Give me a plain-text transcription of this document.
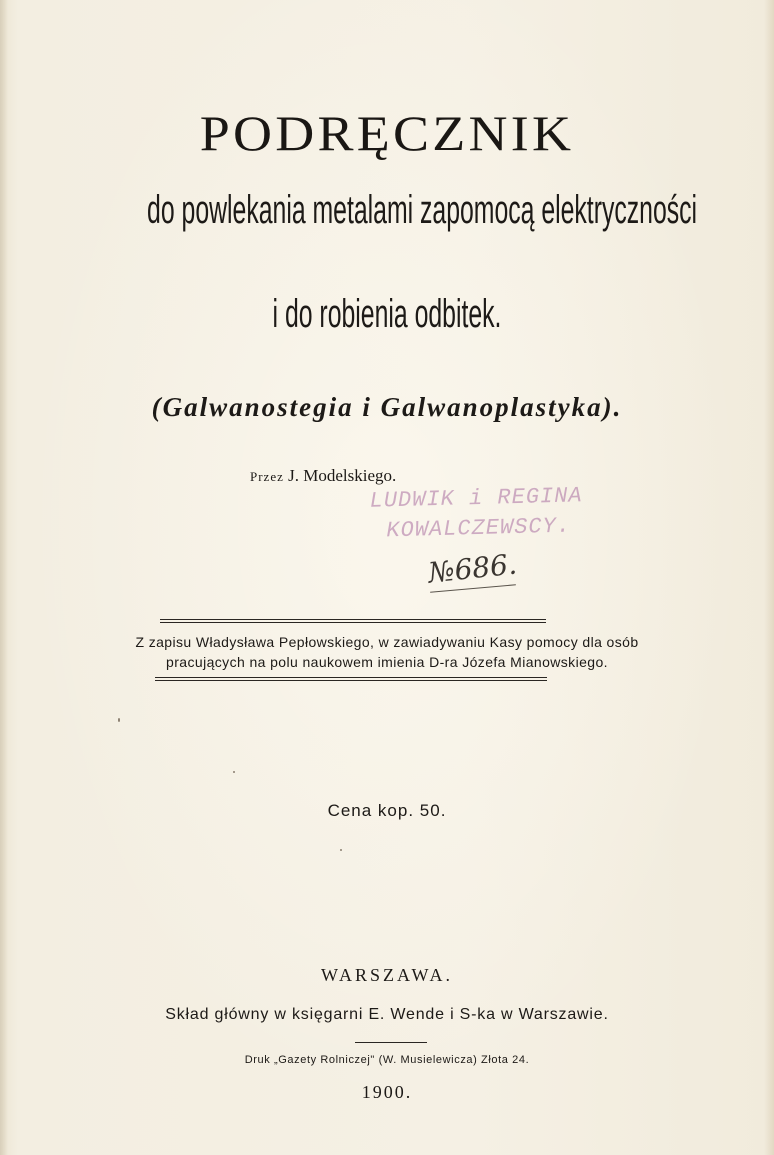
PODRĘCZNIK
do powlekania metalami zapomocą elektryczności
i do robienia odbitek.
(Galwanostegia i Galwanoplastyka).
Przez J. Modelskiego.
LUDWIK i REGINA
KOWALCZEWSCY.
№686.
Z zapisu Władysława Pepłowskiego, w zawiadywaniu Kasy pomocy dla osób
pracujących na polu naukowem imienia D-ra Józefa Mianowskiego.
Cena kop. 50.
WARSZAWA.
Skład główny w księgarni E. Wende i S-ka w Warszawie.
Druk „Gazety Rolniczej" (W. Musielewicza) Złota 24.
1900.
